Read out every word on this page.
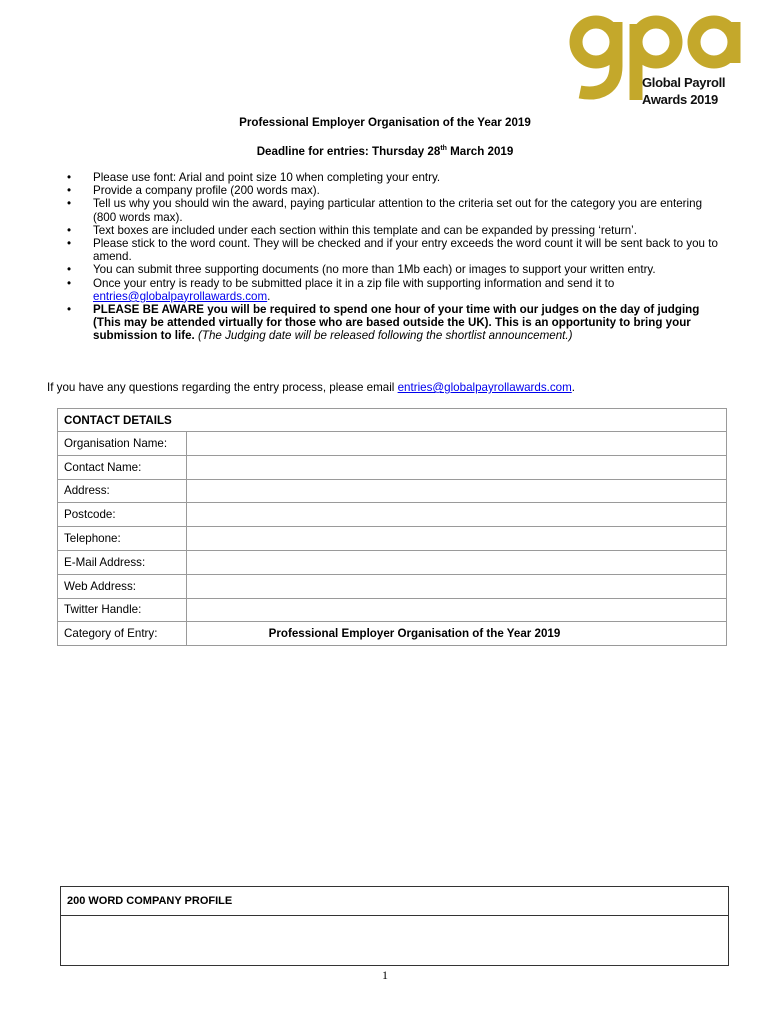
Global Payroll
Awards 2019
Professional Employer Organisation of the Year 2019
Deadline for entries: Thursday 28th March 2019
• Please use font: Arial and point size 10 when completing your entry.
• Provide a company profile (200 words max).
• Tell us why you should win the award, paying particular attention to the criteria set out for the category you are entering (800 words max).
• Text boxes are included under each section within this template and can be expanded by pressing ‘return’.
• Please stick to the word count. They will be checked and if your entry exceeds the word count it will be sent back to you to amend.
• You can submit three supporting documents (no more than 1Mb each) or images to support your written entry.
• Once your entry is ready to be submitted place it in a zip file with supporting information and send it to
entries@globalpayrollawards.com.
• PLEASE BE AWARE you will be required to spend one hour of your time with our judges on the day of judging (This may be attended virtually for those who are based outside the UK). This is an opportunity to bring your submission to life. (The Judging date will be released following the shortlist announcement.)
If you have any questions regarding the entry process, please email entries@globalpayrollawards.com.
CONTACT DETAILS	
Organisation Name:	
Contact Name:	
Address:	
Postcode:	
Telephone:	
E-Mail Address:	
Web Address:	
Twitter Handle:	
Category of Entry:	Professional Employer Organisation of the Year 2019
200 WORD COMPANY PROFILE
1
